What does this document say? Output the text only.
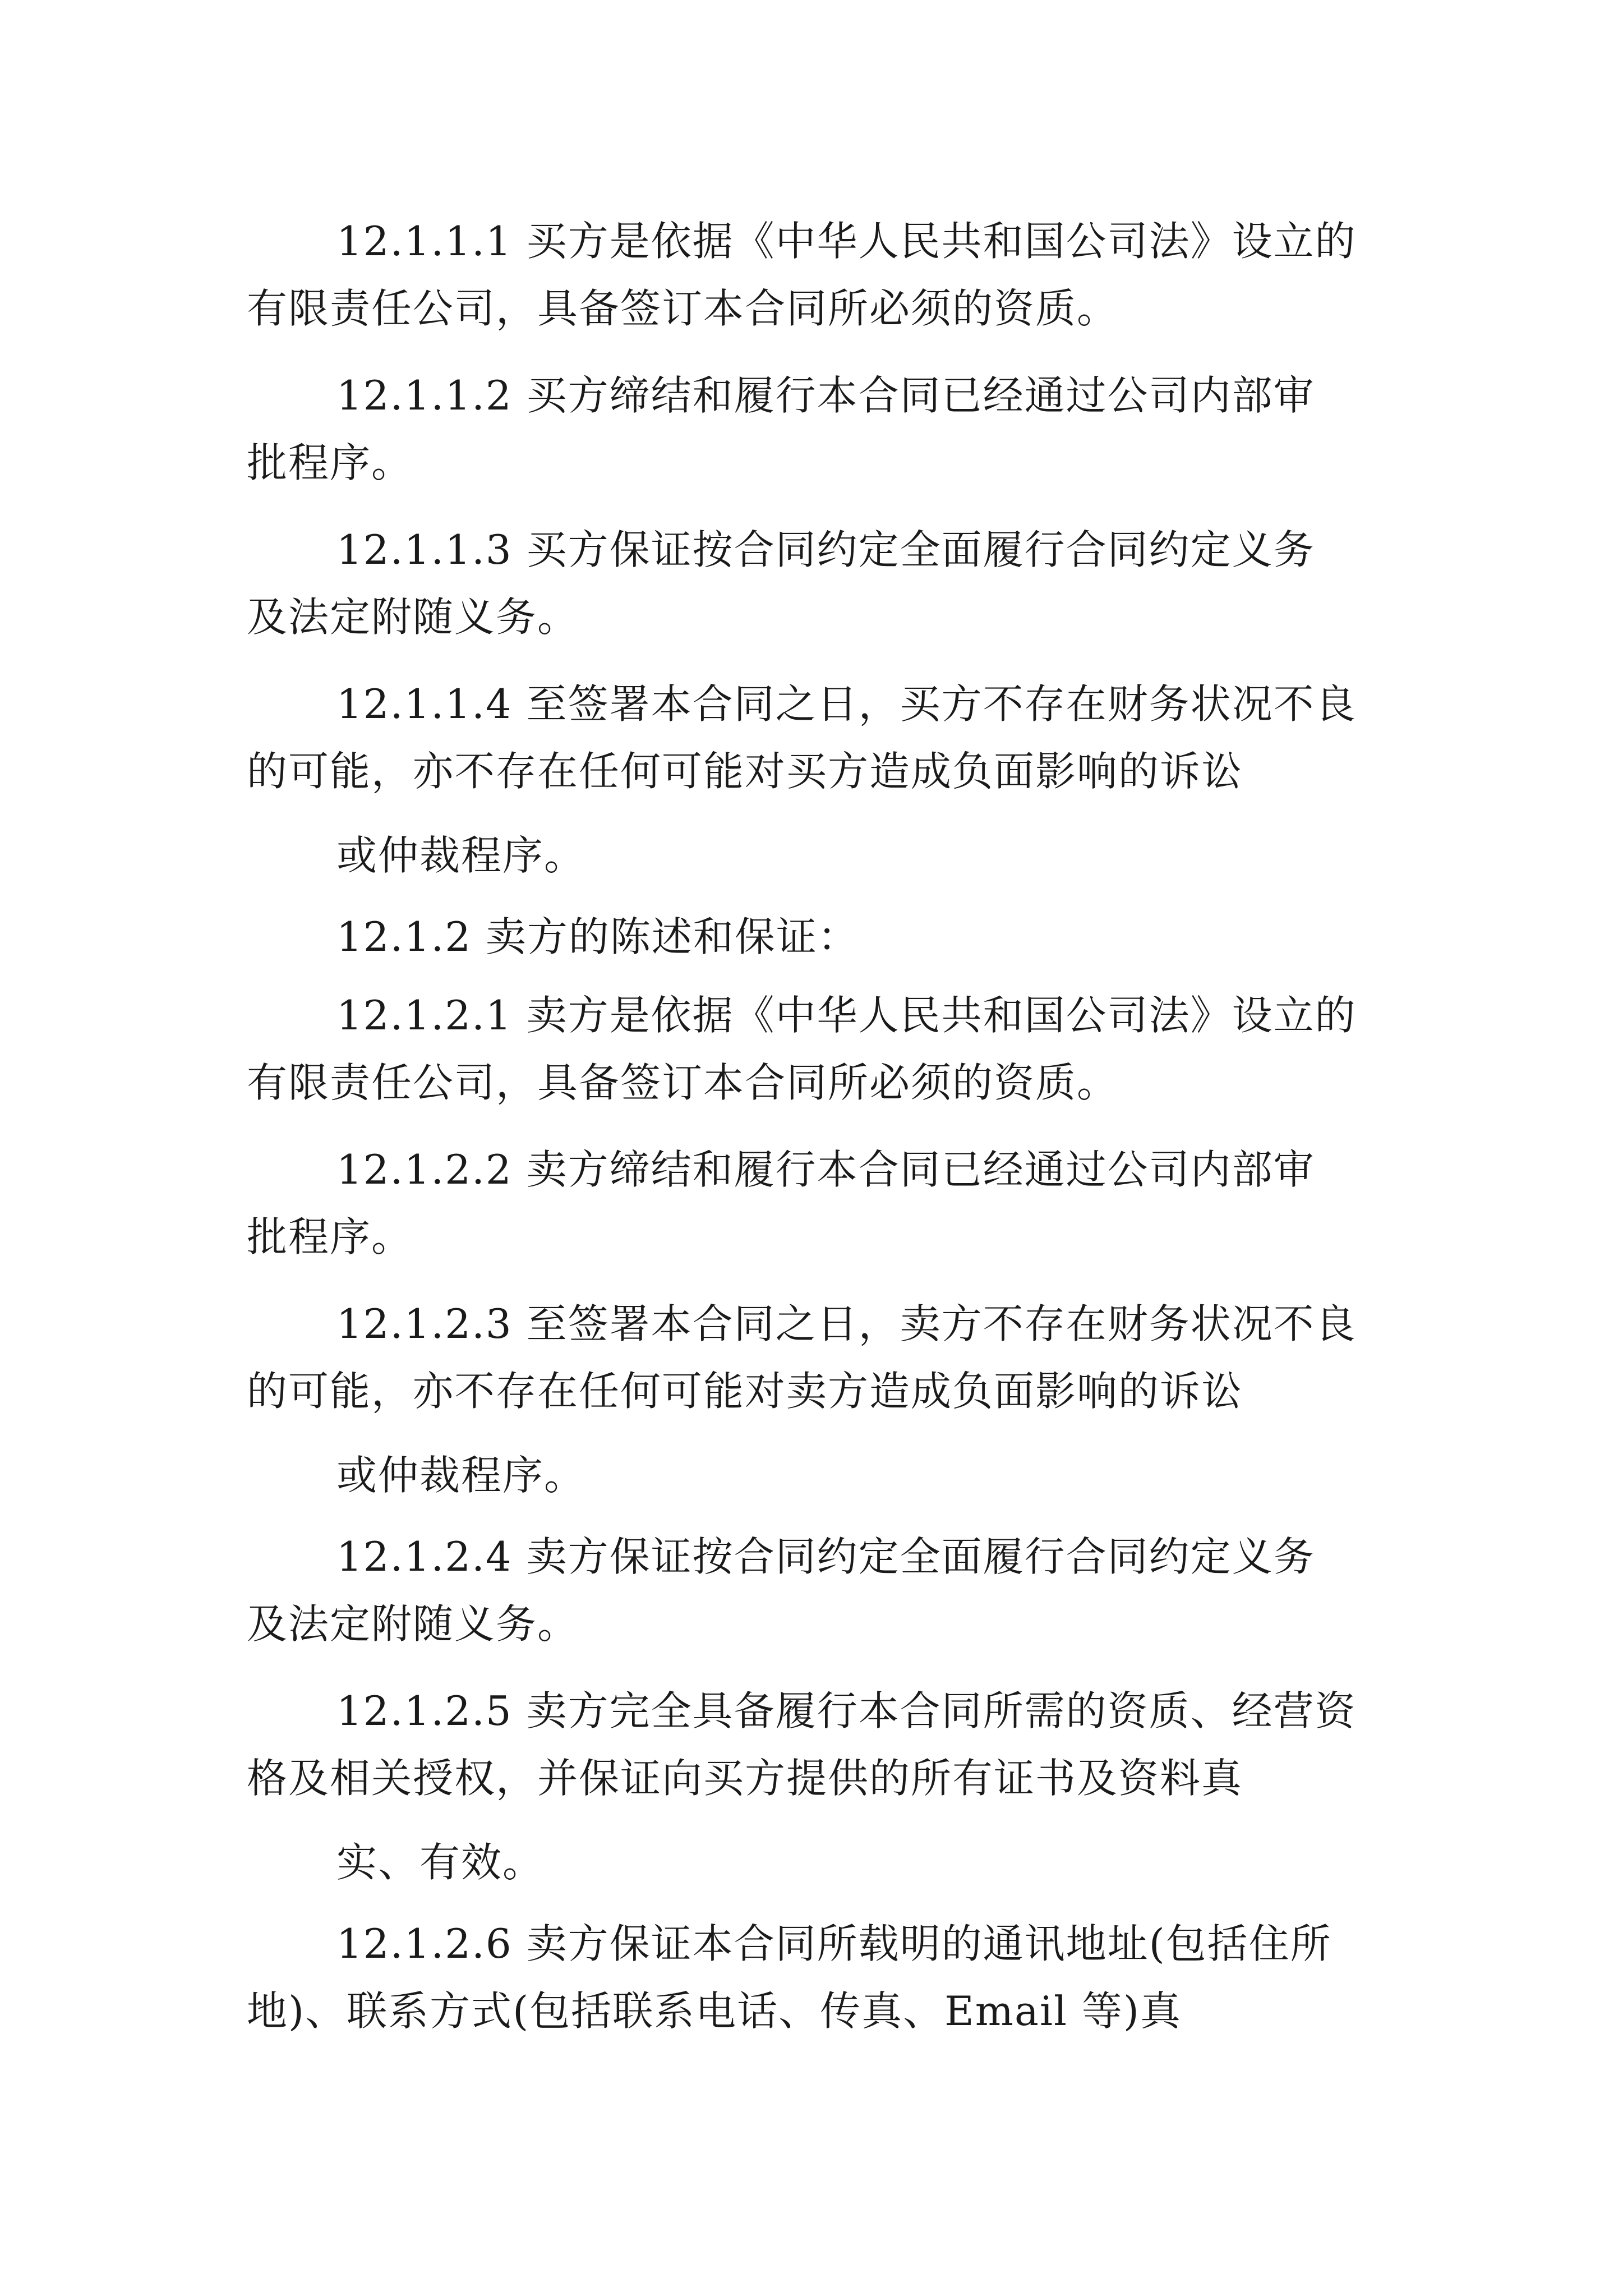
12.1.1.1 买方是依据《中华人民共和国公司法》设立的
有限责任公司，具备签订本合同所必须的资质。
12.1.1.2 买方缔结和履行本合同已经通过公司内部审
批程序。
12.1.1.3 买方保证按合同约定全面履行合同约定义务
及法定附随义务。
12.1.1.4 至签署本合同之日，买方不存在财务状况不良
的可能，亦不存在任何可能对买方造成负面影响的诉讼
或仲裁程序。
12.1.2 卖方的陈述和保证：
12.1.2.1 卖方是依据《中华人民共和国公司法》设立的
有限责任公司，具备签订本合同所必须的资质。
12.1.2.2 卖方缔结和履行本合同已经通过公司内部审
批程序。
12.1.2.3 至签署本合同之日，卖方不存在财务状况不良
的可能，亦不存在任何可能对卖方造成负面影响的诉讼
或仲裁程序。
12.1.2.4 卖方保证按合同约定全面履行合同约定义务
及法定附随义务。
12.1.2.5 卖方完全具备履行本合同所需的资质、经营资
格及相关授权，并保证向买方提供的所有证书及资料真
实、有效。
12.1.2.6 卖方保证本合同所载明的通讯地址(包括住所
地)、联系方式(包括联系电话、传真、Email 等)真
